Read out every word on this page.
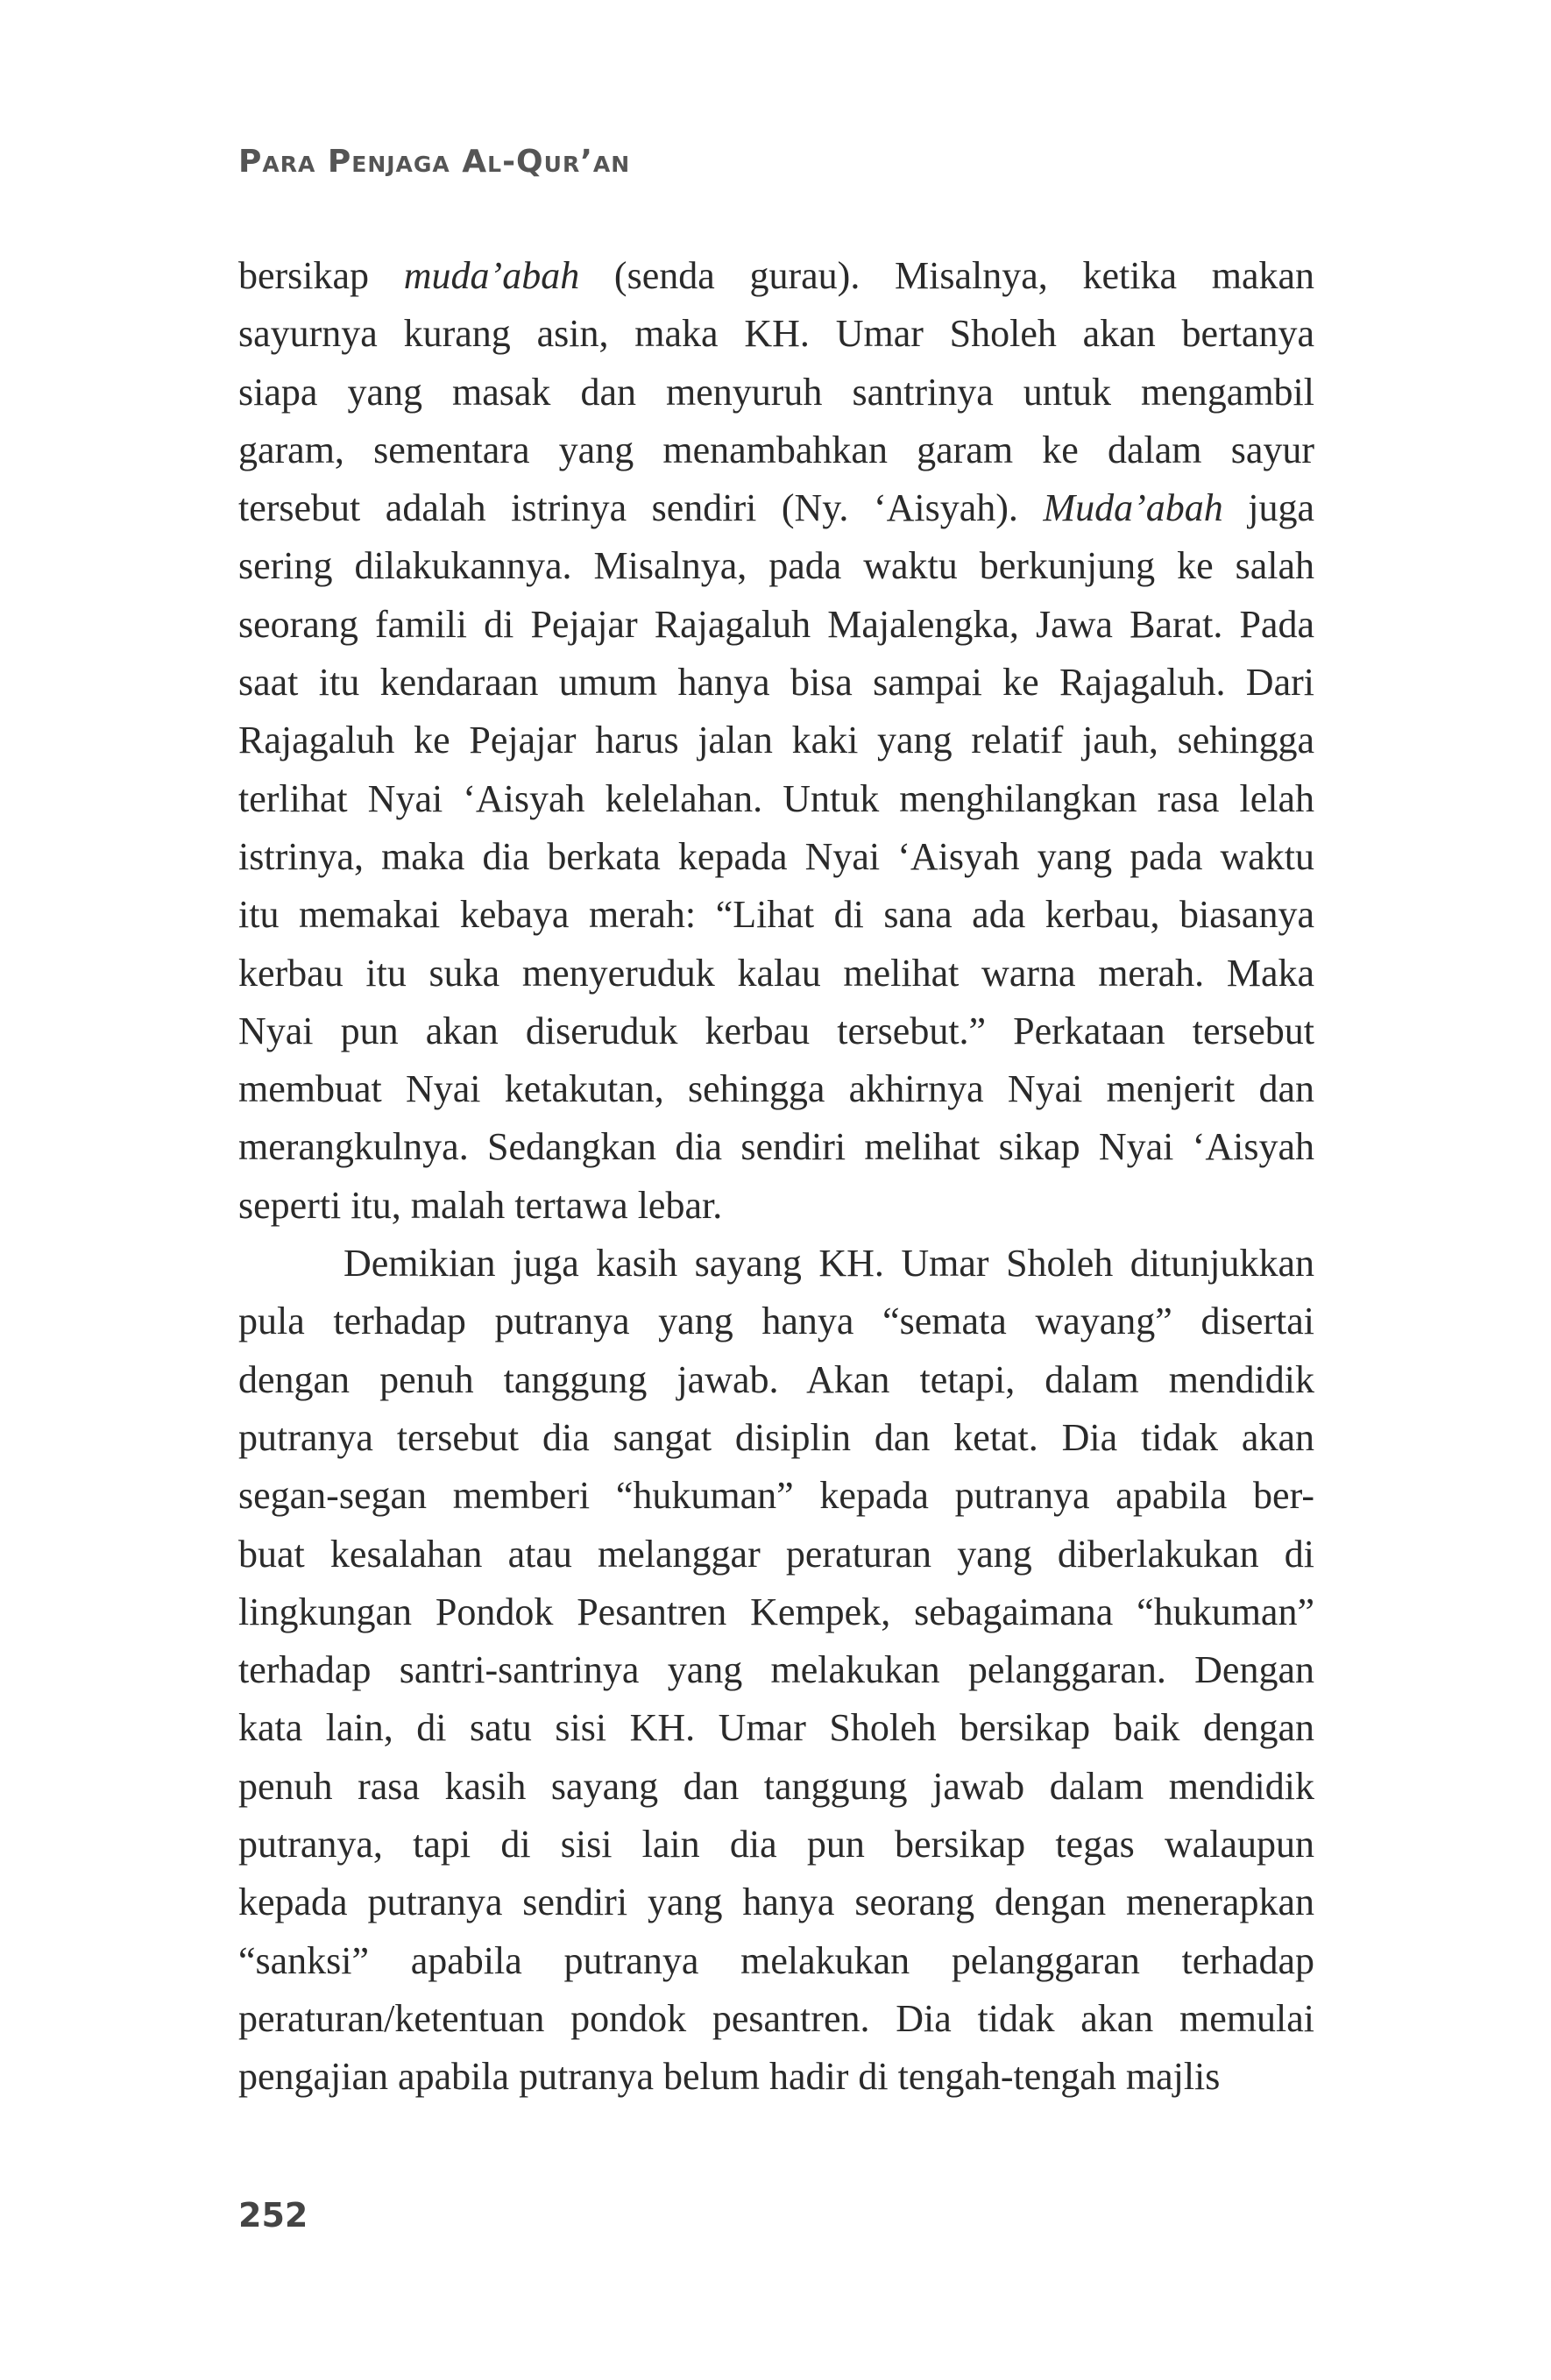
Para Penjaga Al-Qur’an
bersikap muda’abah (senda gurau). Misalnya, ketika makan
sayurnya kurang asin, maka KH. Umar Sholeh akan bertanya
siapa yang masak dan menyuruh santrinya untuk mengambil
garam, sementara yang menambahkan garam ke dalam sayur
tersebut adalah istrinya sendiri (Ny. ‘Aisyah). Muda’abah juga
sering dilakukannya. Misalnya, pada waktu berkunjung ke salah
seorang famili di Pejajar Rajagaluh Majalengka, Jawa Barat. Pada
saat itu kendaraan umum hanya bisa sampai ke Rajagaluh. Dari
Rajagaluh ke Pejajar harus jalan kaki yang relatif jauh, sehingga
terlihat Nyai ‘Aisyah kelelahan. Untuk menghilangkan rasa lelah
istrinya, maka dia berkata kepada Nyai ‘Aisyah yang pada waktu
itu memakai kebaya merah: “Lihat di sana ada kerbau, biasanya
kerbau itu suka menyeruduk kalau melihat warna merah. Maka
Nyai pun akan diseruduk kerbau tersebut.” Perkataan tersebut
membuat Nyai ketakutan, sehingga akhirnya Nyai menjerit dan
merangkulnya. Sedangkan dia sendiri melihat sikap Nyai ‘Aisyah
seperti itu, malah tertawa lebar.
Demikian juga kasih sayang KH. Umar Sholeh ditunjukkan
pula terhadap putranya yang hanya “semata wayang” disertai
dengan penuh tanggung jawab. Akan tetapi, dalam mendidik
putranya tersebut dia sangat disiplin dan ketat. Dia tidak akan
segan-segan memberi “hukuman” kepada putranya apabila ber-
buat kesalahan atau melanggar peraturan yang diberlakukan di
lingkungan Pondok Pesantren Kempek, sebagaimana “hukuman”
terhadap santri-santrinya yang melakukan pelanggaran. Dengan
kata lain, di satu sisi KH. Umar Sholeh bersikap baik dengan
penuh rasa kasih sayang dan tanggung jawab dalam mendidik
putranya, tapi di sisi lain dia pun bersikap tegas walaupun
kepada putranya sendiri yang hanya seorang dengan menerapkan
“sanksi” apabila putranya melakukan pelanggaran terhadap
peraturan/ketentuan pondok pesantren. Dia tidak akan memulai
pengajian apabila putranya belum hadir di tengah-tengah majlis
252
